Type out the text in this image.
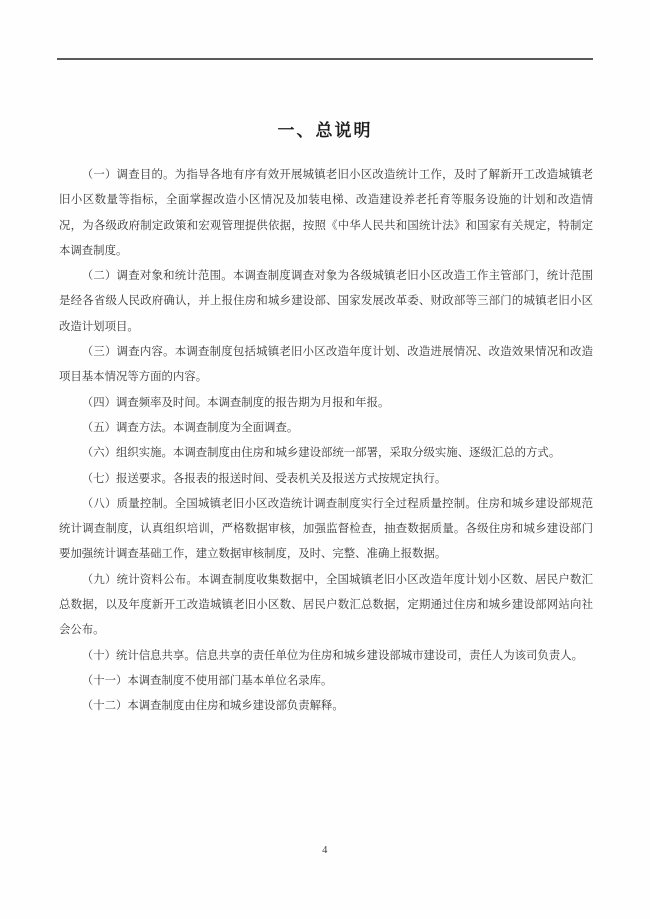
一、总说明

（一）调查目的。为指导各地有序有效开展城镇老旧小区改造统计工作，及时了解新开工改造城镇老旧小区数量等指标，全面掌握改造小区情况及加装电梯、改造建设养老托育等服务设施的计划和改造情况，为各级政府制定政策和宏观管理提供依据，按照《中华人民共和国统计法》和国家有关规定，特制定本调查制度。

（二）调查对象和统计范围。本调查制度调查对象为各级城镇老旧小区改造工作主管部门，统计范围是经各省级人民政府确认，并上报住房和城乡建设部、国家发展改革委、财政部等三部门的城镇老旧小区改造计划项目。

（三）调查内容。本调查制度包括城镇老旧小区改造年度计划、改造进展情况、改造效果情况和改造项目基本情况等方面的内容。

（四）调查频率及时间。本调查制度的报告期为月报和年报。

（五）调查方法。本调查制度为全面调查。

（六）组织实施。本调查制度由住房和城乡建设部统一部署，采取分级实施、逐级汇总的方式。

（七）报送要求。各报表的报送时间、受表机关及报送方式按规定执行。

（八）质量控制。全国城镇老旧小区改造统计调查制度实行全过程质量控制。住房和城乡建设部规范统计调查制度，认真组织培训，严格数据审核，加强监督检查，抽查数据质量。各级住房和城乡建设部门要加强统计调查基础工作，建立数据审核制度，及时、完整、准确上报数据。

（九）统计资料公布。本调查制度收集数据中，全国城镇老旧小区改造年度计划小区数、居民户数汇总数据，以及年度新开工改造城镇老旧小区数、居民户数汇总数据，定期通过住房和城乡建设部网站向社会公布。

（十）统计信息共享。信息共享的责任单位为住房和城乡建设部城市建设司，责任人为该司负责人。

（十一）本调查制度不使用部门基本单位名录库。

（十二）本调查制度由住房和城乡建设部负责解释。

4
